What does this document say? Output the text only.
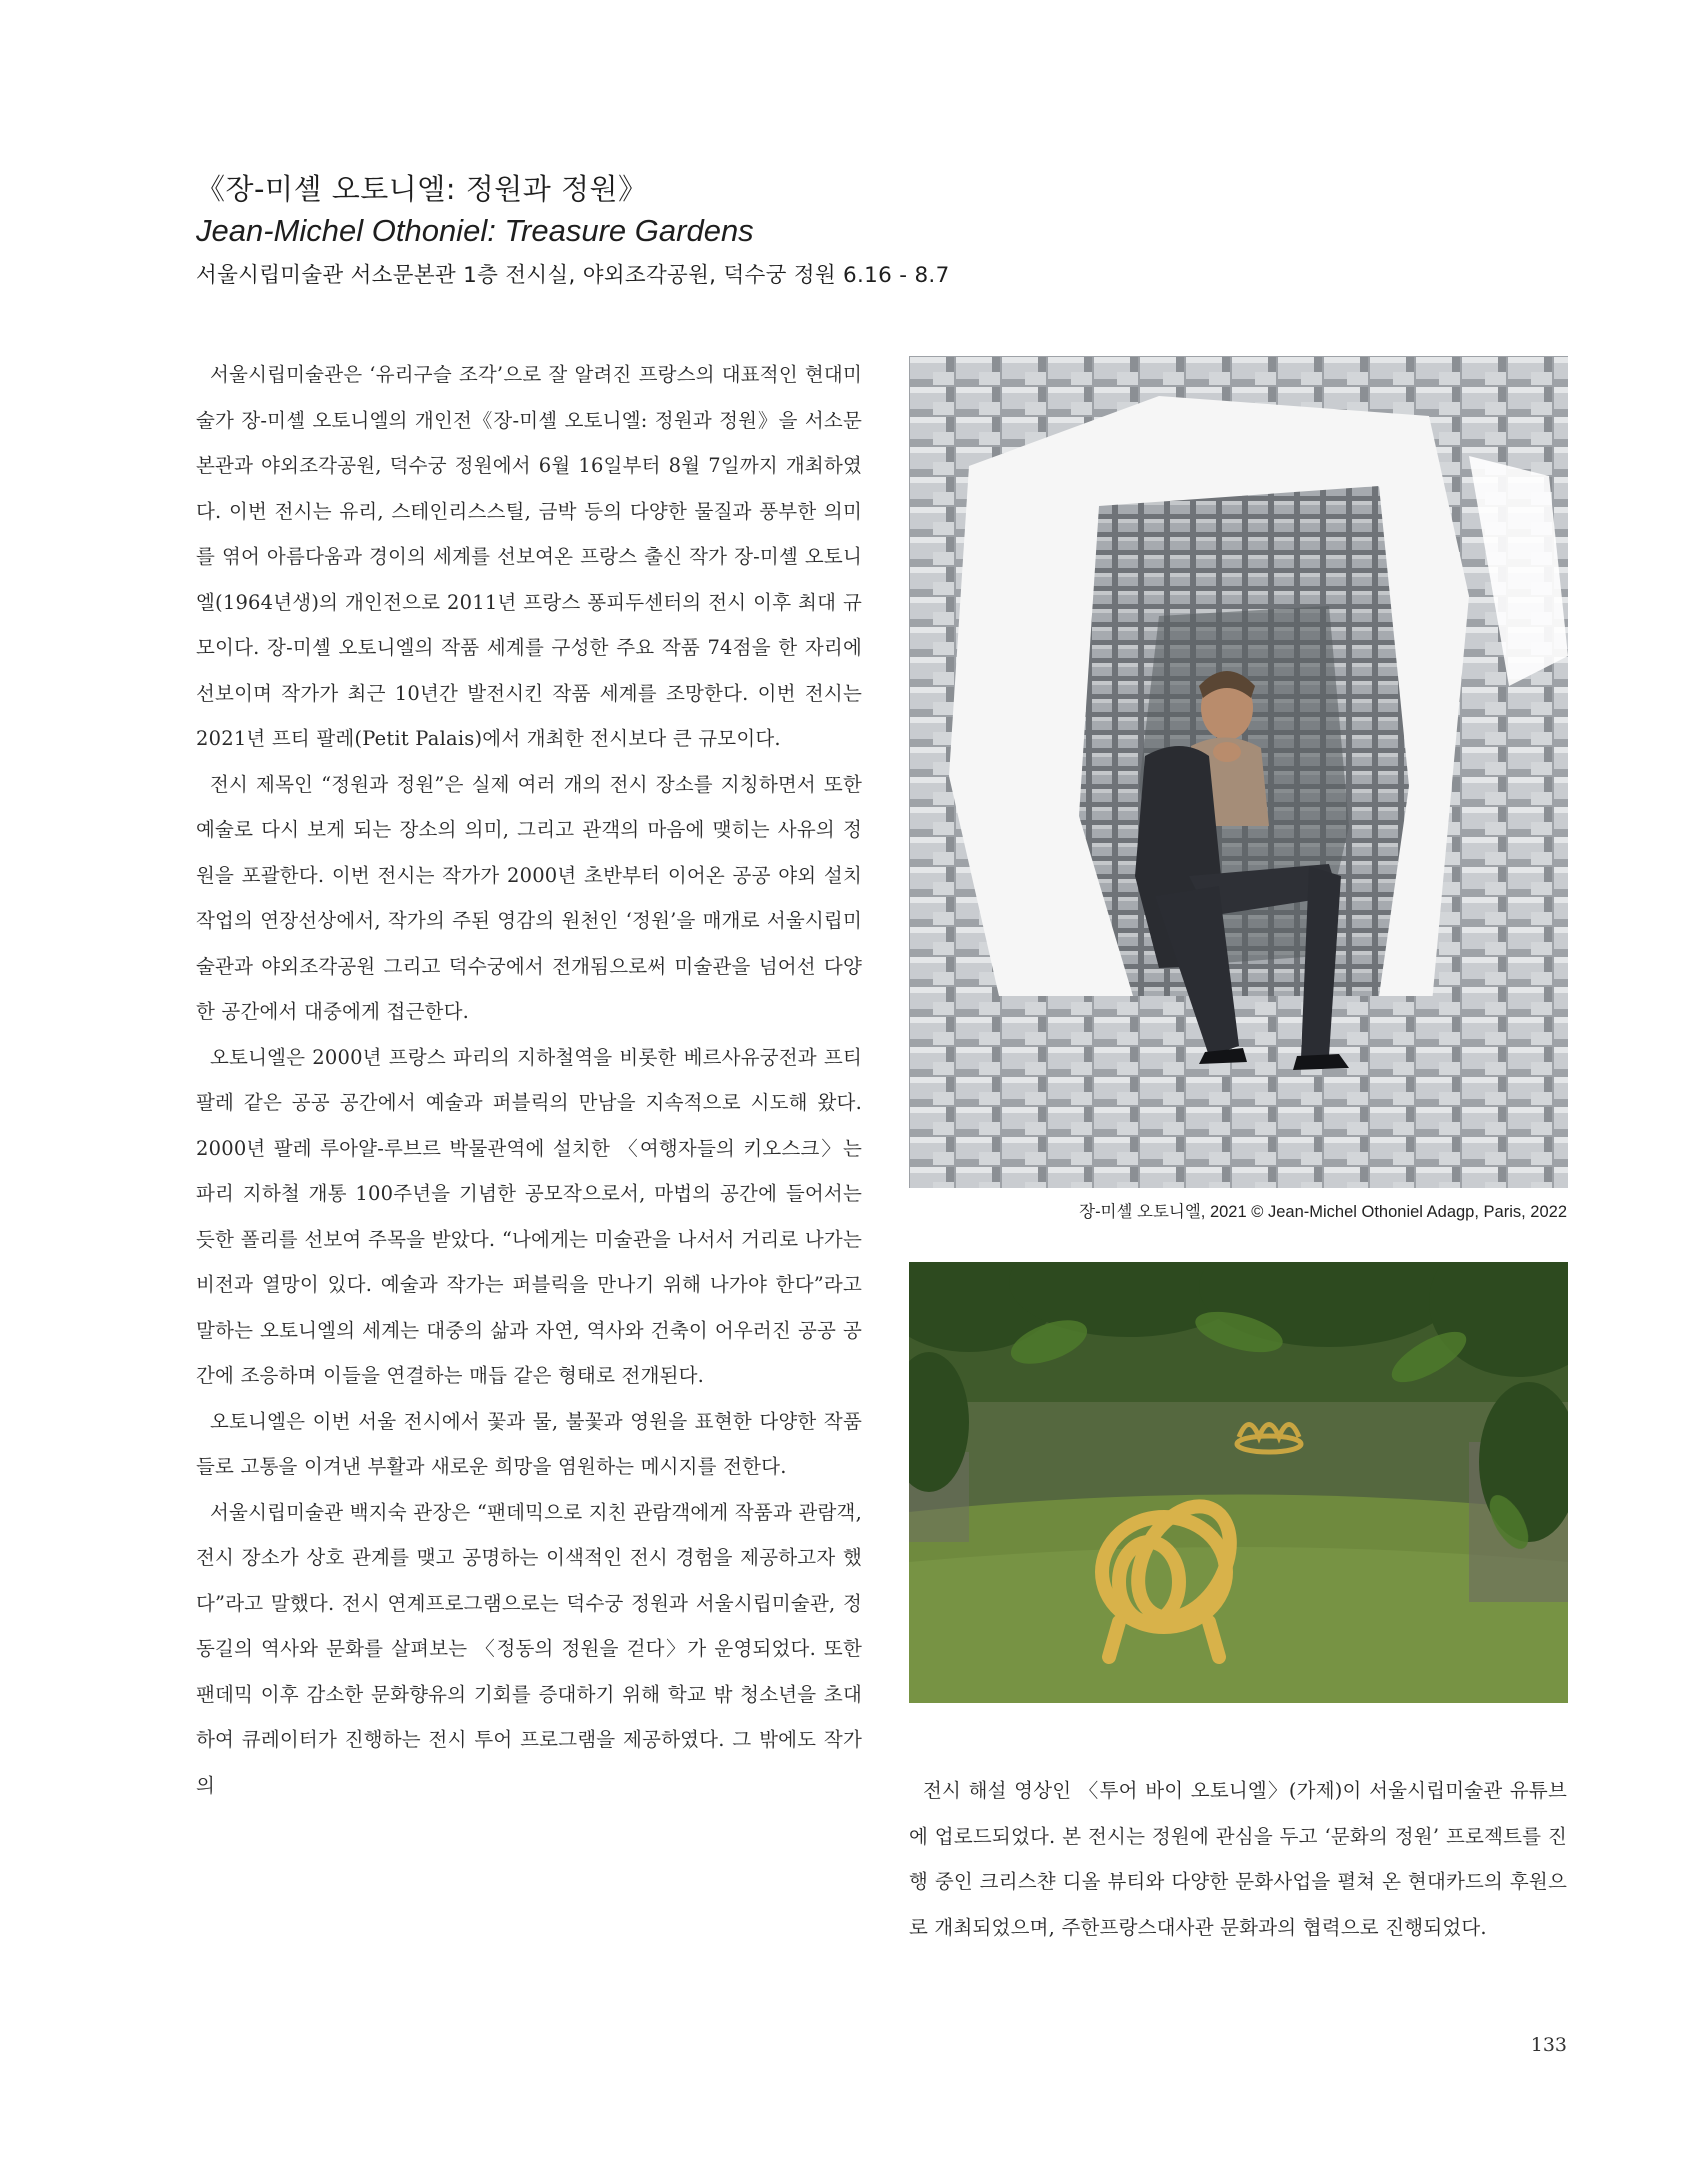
《장-미셸 오토니엘: 정원과 정원》
Jean-Michel Othoniel: Treasure Gardens
서울시립미술관 서소문본관 1층 전시실, 야외조각공원, 덕수궁 정원 6.16 - 8.7

서울시립미술관은 ‘유리구슬 조각’으로 잘 알려진 프랑스의 대표적인 현대미술가 장-미셸 오토니엘의 개인전《장-미셸 오토니엘: 정원과 정원》을 서소문본관과 야외조각공원, 덕수궁 정원에서 6월 16일부터 8월 7일까지 개최하였다. 이번 전시는 유리, 스테인리스스틸, 금박 등의 다양한 물질과 풍부한 의미를 엮어 아름다움과 경이의 세계를 선보여온 프랑스 출신 작가 장-미셸 오토니엘(1964년생)의 개인전으로 2011년 프랑스 퐁피두센터의 전시 이후 최대 규모이다. 장-미셸 오토니엘의 작품 세계를 구성한 주요 작품 74점을 한 자리에 선보이며 작가가 최근 10년간 발전시킨 작품 세계를 조망한다. 이번 전시는 2021년 프티 팔레(Petit Palais)에서 개최한 전시보다 큰 규모이다.

전시 제목인 “정원과 정원”은 실제 여러 개의 전시 장소를 지칭하면서 또한 예술로 다시 보게 되는 장소의 의미, 그리고 관객의 마음에 맺히는 사유의 정원을 포괄한다. 이번 전시는 작가가 2000년 초반부터 이어온 공공 야외 설치작업의 연장선상에서, 작가의 주된 영감의 원천인 ‘정원’을 매개로 서울시립미술관과 야외조각공원 그리고 덕수궁에서 전개됨으로써 미술관을 넘어선 다양한 공간에서 대중에게 접근한다.

오토니엘은 2000년 프랑스 파리의 지하철역을 비롯한 베르사유궁전과 프티 팔레 같은 공공 공간에서 예술과 퍼블릭의 만남을 지속적으로 시도해 왔다. 2000년 팔레 루아얄-루브르 박물관역에 설치한 〈여행자들의 키오스크〉는 파리 지하철 개통 100주년을 기념한 공모작으로서, 마법의 공간에 들어서는 듯한 폴리를 선보여 주목을 받았다. “나에게는 미술관을 나서서 거리로 나가는 비전과 열망이 있다. 예술과 작가는 퍼블릭을 만나기 위해 나가야 한다”라고 말하는 오토니엘의 세계는 대중의 삶과 자연, 역사와 건축이 어우러진 공공 공간에 조응하며 이들을 연결하는 매듭 같은 형태로 전개된다.

오토니엘은 이번 서울 전시에서 꽃과 물, 불꽃과 영원을 표현한 다양한 작품들로 고통을 이겨낸 부활과 새로운 희망을 염원하는 메시지를 전한다.

서울시립미술관 백지숙 관장은 “팬데믹으로 지친 관람객에게 작품과 관람객, 전시 장소가 상호 관계를 맺고 공명하는 이색적인 전시 경험을 제공하고자 했다”라고 말했다. 전시 연계프로그램으로는 덕수궁 정원과 서울시립미술관, 정동길의 역사와 문화를 살펴보는 〈정동의 정원을 걷다〉가 운영되었다. 또한 팬데믹 이후 감소한 문화향유의 기회를 증대하기 위해 학교 밖 청소년을 초대하여 큐레이터가 진행하는 전시 투어 프로그램을 제공하였다. 그 밖에도 작가의

장-미셸 오토니엘, 2021 © Jean-Michel Othoniel Adagp, Paris, 2022

전시 해설 영상인 〈투어 바이 오토니엘〉(가제)이 서울시립미술관 유튜브에 업로드되었다. 본 전시는 정원에 관심을 두고 ‘문화의 정원’ 프로젝트를 진행 중인 크리스챤 디올 뷰티와 다양한 문화사업을 펼쳐 온 현대카드의 후원으로 개최되었으며, 주한프랑스대사관 문화과의 협력으로 진행되었다.

133
